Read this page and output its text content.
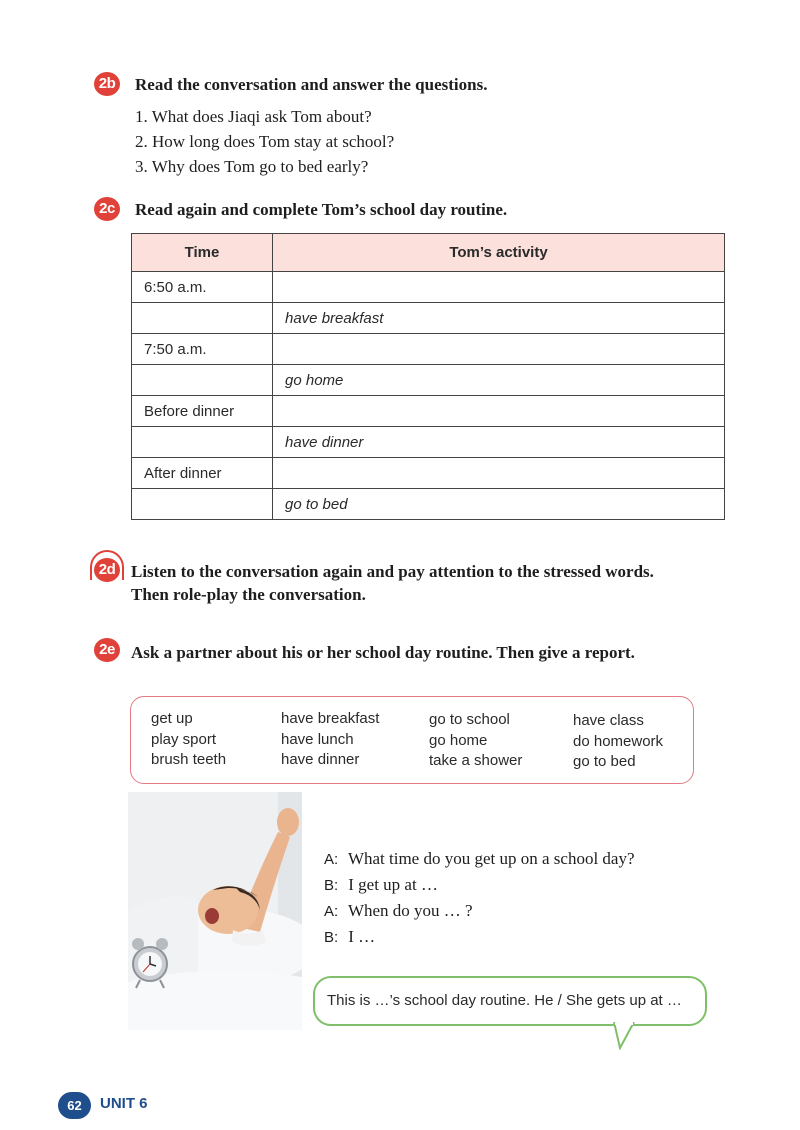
2b Read the conversation and answer the questions.
1. What does Jiaqi ask Tom about?
2. How long does Tom stay at school?
3. Why does Tom go to bed early?
2c	Read again and complete Tom’s school day routine.
Time	Tom’s activity
6:50 a.m.	
	have breakfast
7:50 a.m.	
	go home
Before dinner	
	have dinner
After dinner	
	go to bed
2d Listen to the conversation again and pay attention to the stressed words.
Then role-play the conversation.
2e Ask a partner about his or her school day routine. Then give a report.
get up
play sport
brush teeth
have breakfast
have lunch
have dinner
go to school
go home
take a shower
have class
do homework
go to bed
A: What time do you get up on a school day?
B: I get up at …
A: When do you … ?
B: I …
This is …’s school day routine. He / She gets up at …
62	UNIT 6
